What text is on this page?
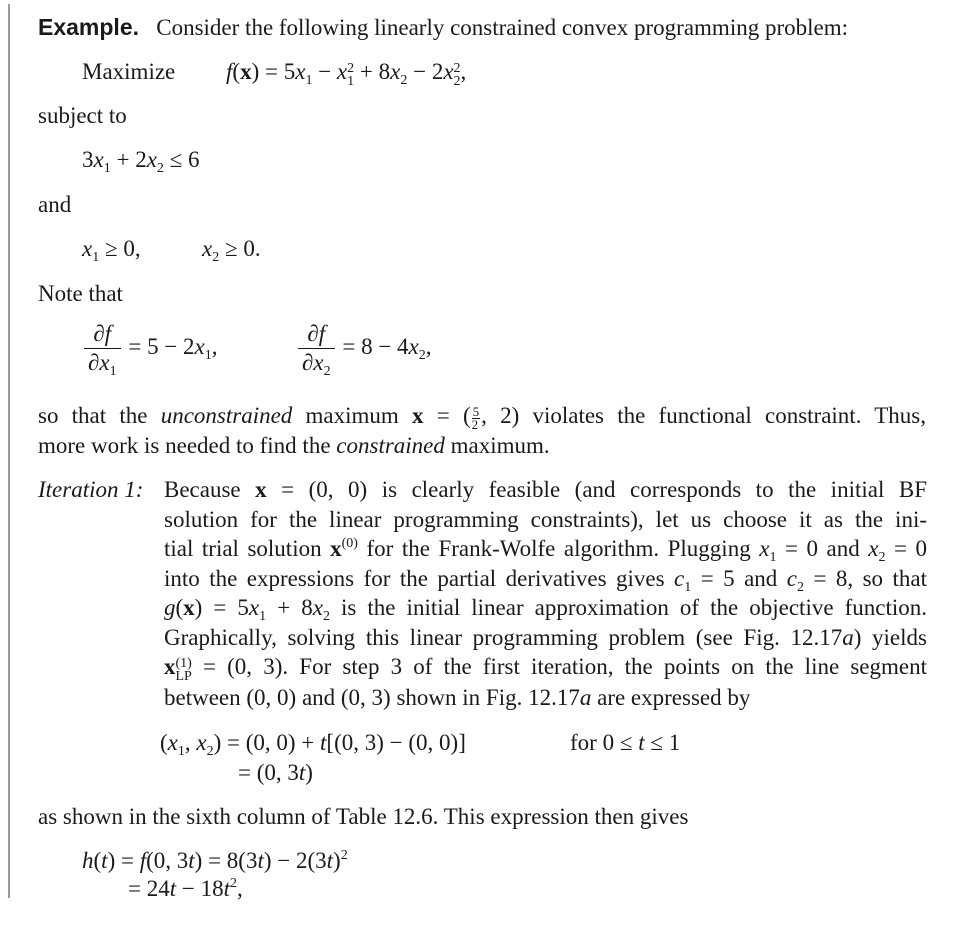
Example. Consider the following linearly constrained convex programming problem:
Maximize $f(x) = 5x_1 - x$ 2
$1 + 8x_2 - 2x$ 2
2 ,
subject to
$3x_1 + 2x_2 \le 6$
and
$x_1 \ge 0$,	$x_2 \ge 0$.
Note that
$\frac{\partial f}{\partial x_1} = 5 - 2x_1$,	$\frac{\partial f}{\partial x_2} = 8 - 4x_2$,
so that the unconstrained maximum x = ( $\frac{5}{2}$ , 2) violates the functional constraint. Thus,
more work is needed to find the constrained maximum.
Iteration 1: Because x = (0, 0) is clearly feasible (and corresponds to the initial BF
solution for the linear programming constraints), let us choose it as the ini-
tial trial solution $x^{(0)}$ for the Frank-Wolfe algorithm. Plugging $x_1 = 0$ and $x_2 = 0$
into the expressions for the partial derivatives gives $c_1 = 5$ and $c_2 = 8$, so that
$g(x) = 5x_1 + 8x_2$ is the initial linear approximation of the objective function.
Graphically, solving this linear programming problem (see Fig. 12.17a) yields
x (1)
LP = (0, 3). For step 3 of the first iteration, the points on the line segment
between (0, 0) and (0, 3) shown in Fig. 12.17a are expressed by
($x_1$, $x_2) = (0$, 0) + t[(0, 3) − (0, 0)]	for 0 ≤ t ≤ 1
= (0, 3t)
as shown in the sixth column of Table 12.6. This expression then gives
h(t) = f(0, $3t) = 8(3t) - 2(3t)^2$
= $24t - 18t^2$,
